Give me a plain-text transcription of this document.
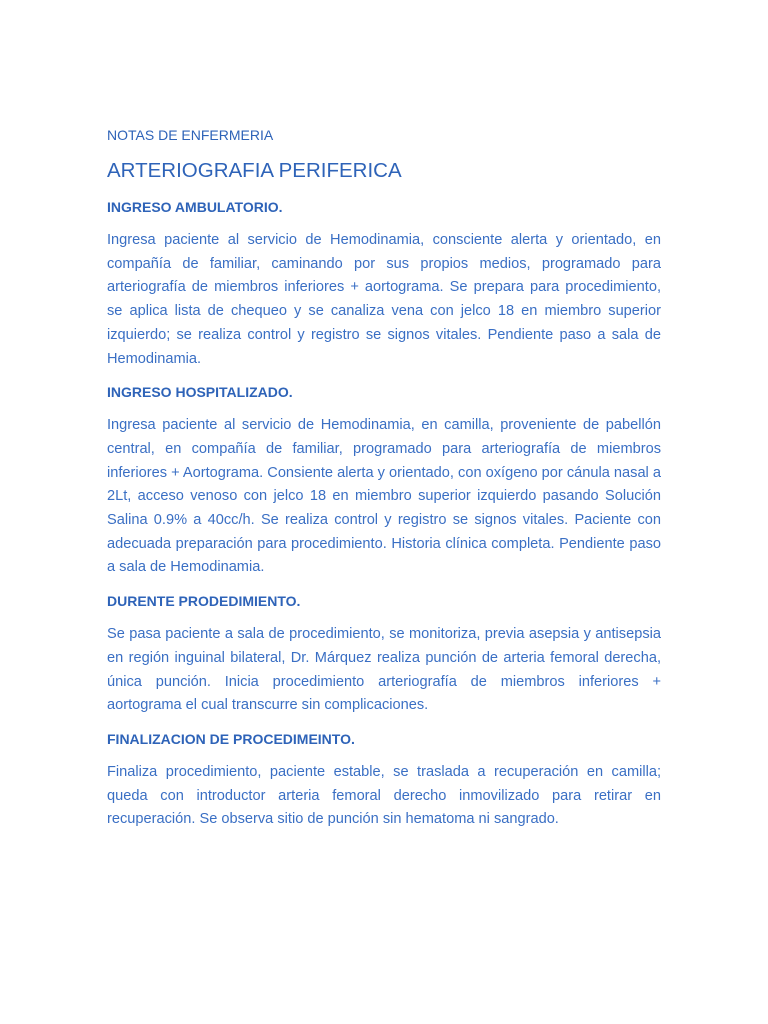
NOTAS DE ENFERMERIA

ARTERIOGRAFIA PERIFERICA
INGRESO AMBULATORIO.

Ingresa paciente al servicio de Hemodinamia, consciente alerta y orientado, en compañía de familiar, caminando por sus propios medios, programado para arteriografía de miembros inferiores + aortograma. Se prepara para procedimiento, se aplica lista de chequeo y se canaliza vena con jelco 18 en miembro superior izquierdo; se realiza control y registro se signos vitales. Pendiente paso a sala de Hemodinamia.

INGRESO HOSPITALIZADO.

Ingresa paciente al servicio de Hemodinamia, en camilla, proveniente de pabellón central, en compañía de familiar, programado para arteriografía de miembros inferiores + Aortograma. Consiente alerta y orientado, con oxígeno por cánula nasal a 2Lt, acceso venoso con jelco 18 en miembro superior izquierdo pasando Solución Salina 0.9% a 40cc/h. Se realiza control y registro se signos vitales. Paciente con adecuada preparación para procedimiento. Historia clínica completa. Pendiente paso a sala de Hemodinamia.

DURENTE PRODEDIMIENTO.

Se pasa paciente a sala de procedimiento, se monitoriza, previa asepsia y antisepsia en región inguinal bilateral, Dr. Márquez realiza punción de arteria femoral derecha, única punción. Inicia procedimiento arteriografía de miembros inferiores + aortograma el cual transcurre sin complicaciones.

FINALIZACION DE PROCEDIMEINTO.

Finaliza procedimiento, paciente estable, se traslada a recuperación en camilla; queda con introductor arteria femoral derecho inmovilizado para retirar en recuperación. Se observa sitio de punción sin hematoma ni sangrado.
